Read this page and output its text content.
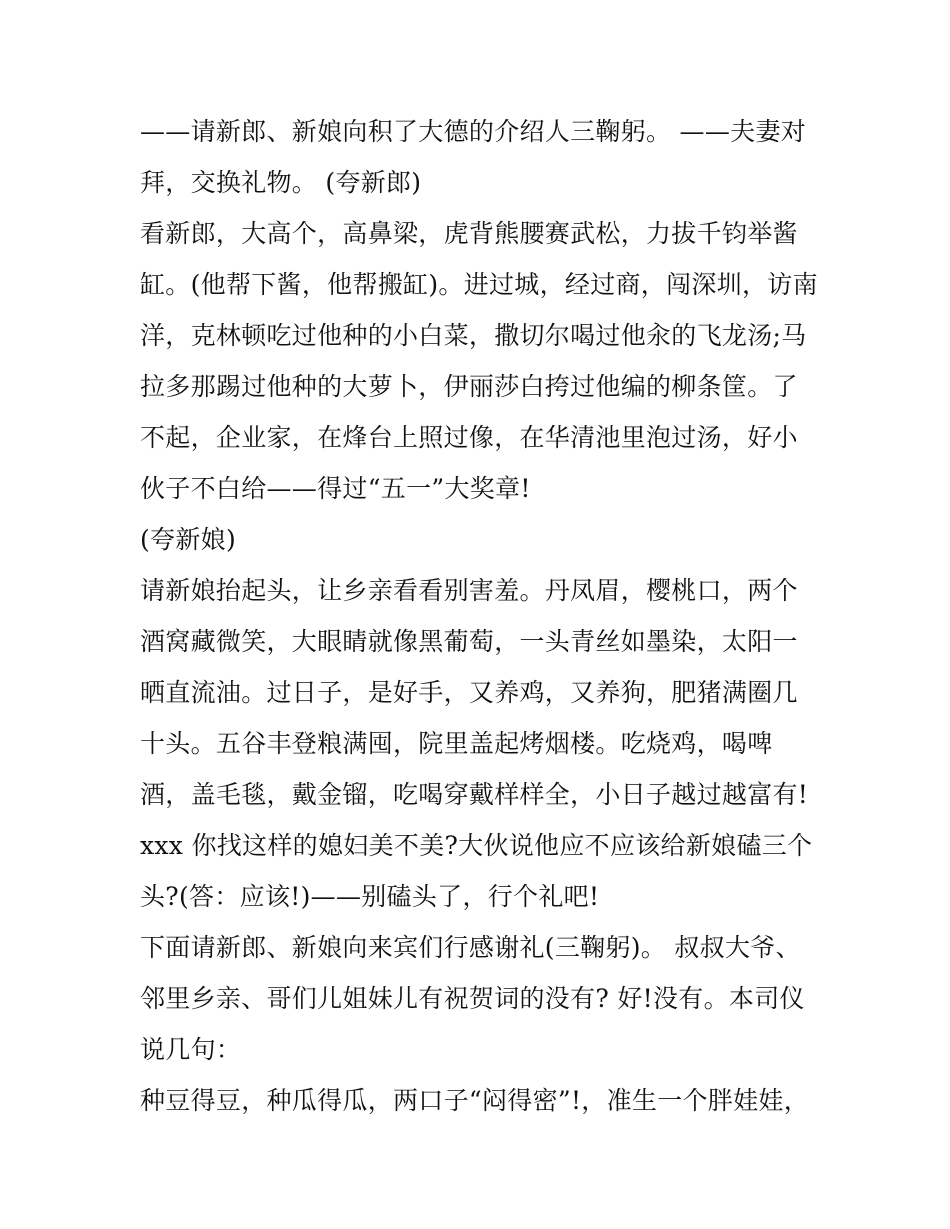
——请新郎、新娘向积了大德的介绍人三鞠躬。 ——夫妻对拜，交换礼物。 (夸新郎)

看新郎，大高个，高鼻梁，虎背熊腰赛武松，力拔千钧举酱缸。(他帮下酱，他帮搬缸)。进过城，经过商，闯深圳，访南洋，克林顿吃过他种的小白菜，撒切尔喝过他汆的飞龙汤;马拉多那踢过他种的大萝卜，伊丽莎白挎过他编的柳条筐。了不起，企业家，在烽台上照过像，在华清池里泡过汤，好小伙子不白给——得过“五一”大奖章!

(夸新娘)

请新娘抬起头，让乡亲看看别害羞。丹凤眉，樱桃口，两个酒窝藏微笑，大眼睛就像黑葡萄，一头青丝如墨染，太阳一晒直流油。过日子，是好手，又养鸡，又养狗，肥猪满圈几十头。五谷丰登粮满囤，院里盖起烤烟楼。吃烧鸡，喝啤酒，盖毛毯，戴金镏，吃喝穿戴样样全，小日子越过越富有!xxx 你找这样的媳妇美不美?大伙说他应不应该给新娘磕三个头?(答：应该!)——别磕头了，行个礼吧!

下面请新郎、新娘向来宾们行感谢礼(三鞠躬)。 叔叔大爷、邻里乡亲、哥们儿姐妹儿有祝贺词的没有? 好!没有。本司仪说几句：

种豆得豆，种瓜得瓜，两口子“闷得密”!，准生一个胖娃娃，
